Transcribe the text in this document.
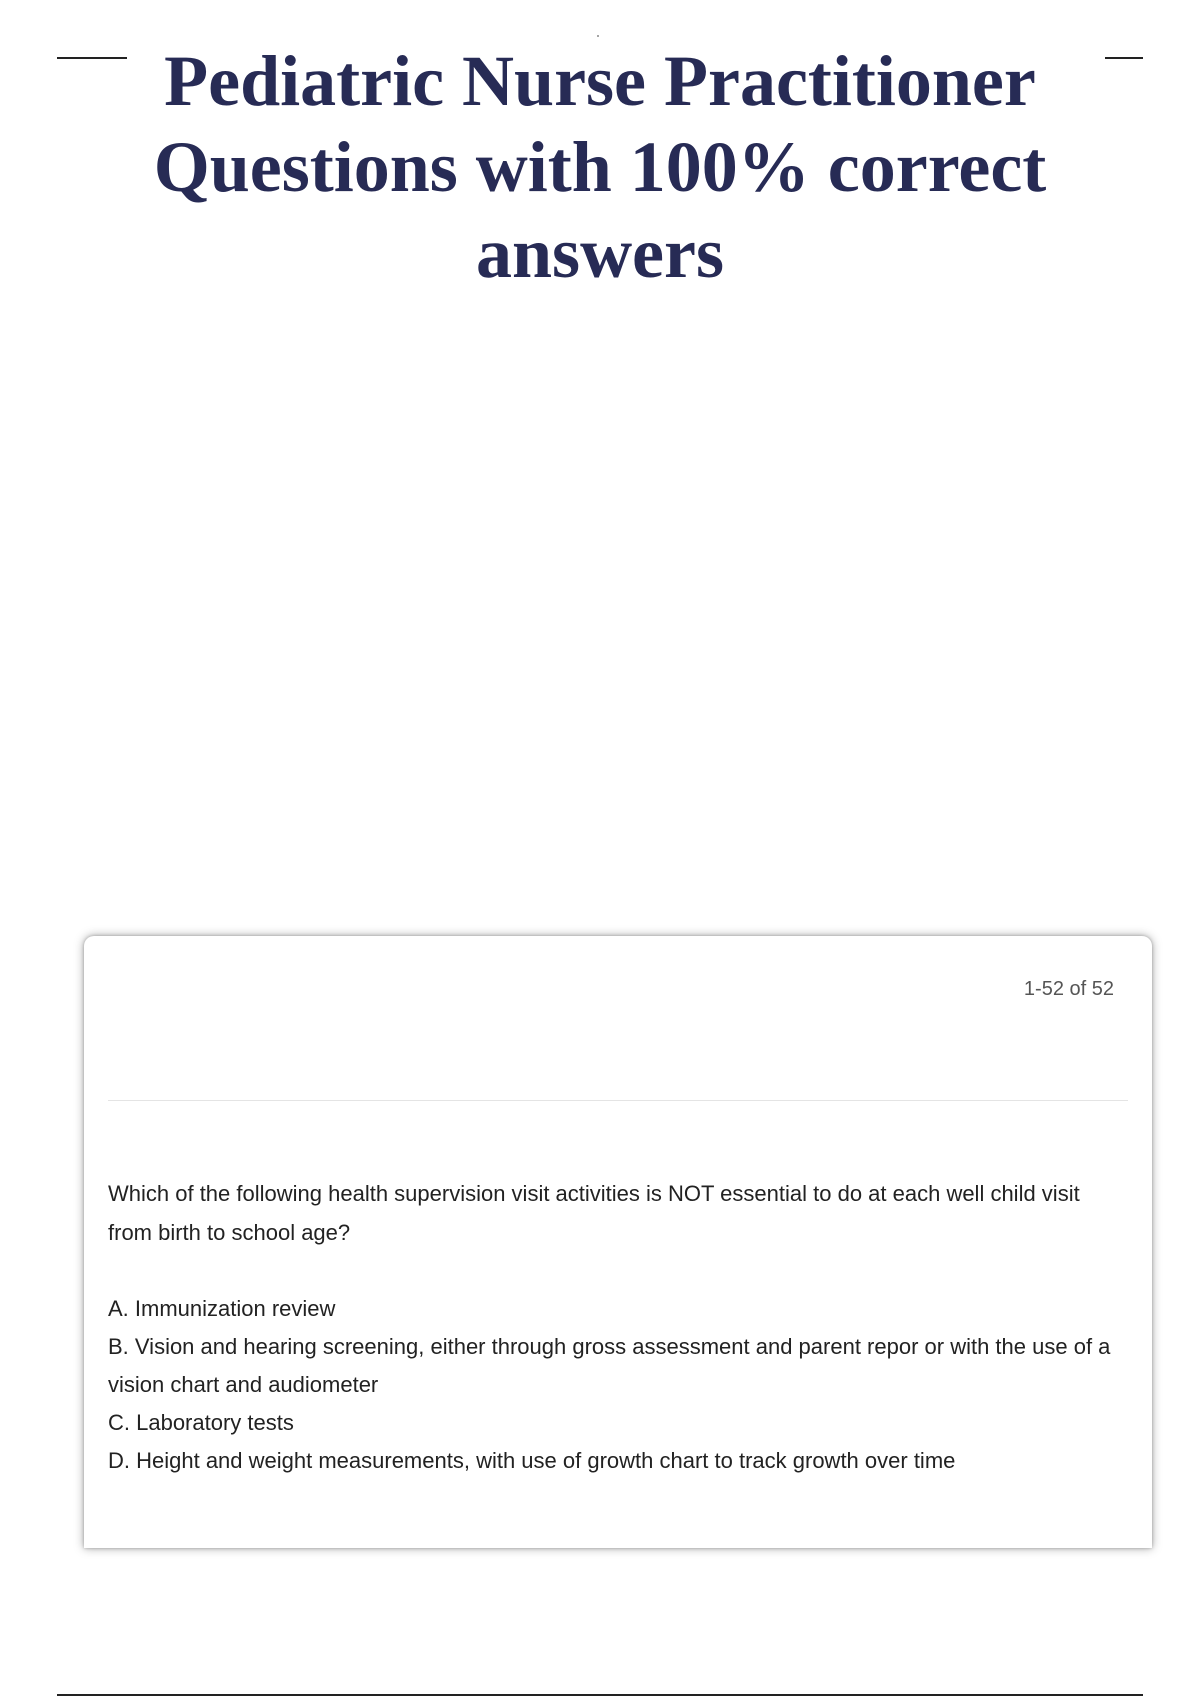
Pediatric Nurse Practitioner Questions with 100% correct answers
1-52 of 52

Which of the following health supervision visit activities is NOT essential to do at each well child visit from birth to school age?

A. Immunization review
B. Vision and hearing screening, either through gross assessment and parent repor or with the use of a vision chart and audiometer
C. Laboratory tests
D. Height and weight measurements, with use of growth chart to track growth over time
